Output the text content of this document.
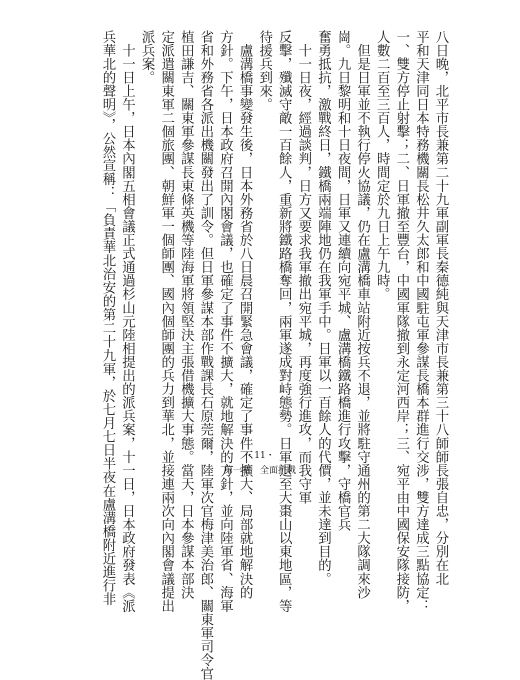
八日晚，北平市長兼第二十九軍副軍長秦德純與天津市長兼第三十八師師長張自忠，分別在北

平和天津同日本特務機關長松井久太郎和中國駐屯軍參謀長橋本群進行交涉，雙方達成三點協定：

一、雙方停止射擊；二、日軍撤至豐台，中國軍隊撤到永定河西岸；三、宛平由中國保安隊接防，

人數二百至三百人，時間定於九日上午九時。

　但是日軍並不執行停火協議，仍在盧溝橋車站附近按兵不退，並將駐守通州的第二大隊調來沙

崗。九日黎明和十日夜間，日軍又連續向宛平城、盧溝橋鐵路橋進行攻擊，守橋官兵

奮勇抵抗，激戰終日，鐵橋兩端陣地仍在我軍手中。日軍以一百餘人的代價，並未達到目的。

　十一日夜，經過談判，日方又要求我軍撤出宛平城，再度強行進攻，而我守軍

反擊，殲滅守敵一百餘人，重新將鐵路橋奪回，兩軍遂成對峙態勢。日軍退至大棗山以東地區，等

待援兵到來。

　盧溝橋事變發生後，日本外務省於八日晨召開緊急會議，確定了事件不擴大、局部就地解決的

方針。下午，日本政府召開內閣會議，也確定了事件不擴大，就地解決的方針，並向陸軍省、海軍

省和外務省各派出機關發出了訓令。但日軍參謀本部作戰課長石原莞爾，陸軍次官梅津美治郎、關東軍司令官

植田謙吉、關東軍參謀長東條英機等陸海軍將領堅決主張借機擴大事態。當天，日本參謀本部決

定派遣關東軍二個旅團、朝鮮軍一個師團、國內個師團的兵力到華北，並接連兩次向內閣會議提出

派兵案。

　十一日上午，日本內閣五相會議正式通過杉山元陸相提出的派兵案，十一日，日本政府發表《派

兵華北的聲明》，公然宣稱：「負責華北治安的第二十九軍，於七月七日半夜在盧溝橋附近進行非	・11・
第一章　全面抗戰
